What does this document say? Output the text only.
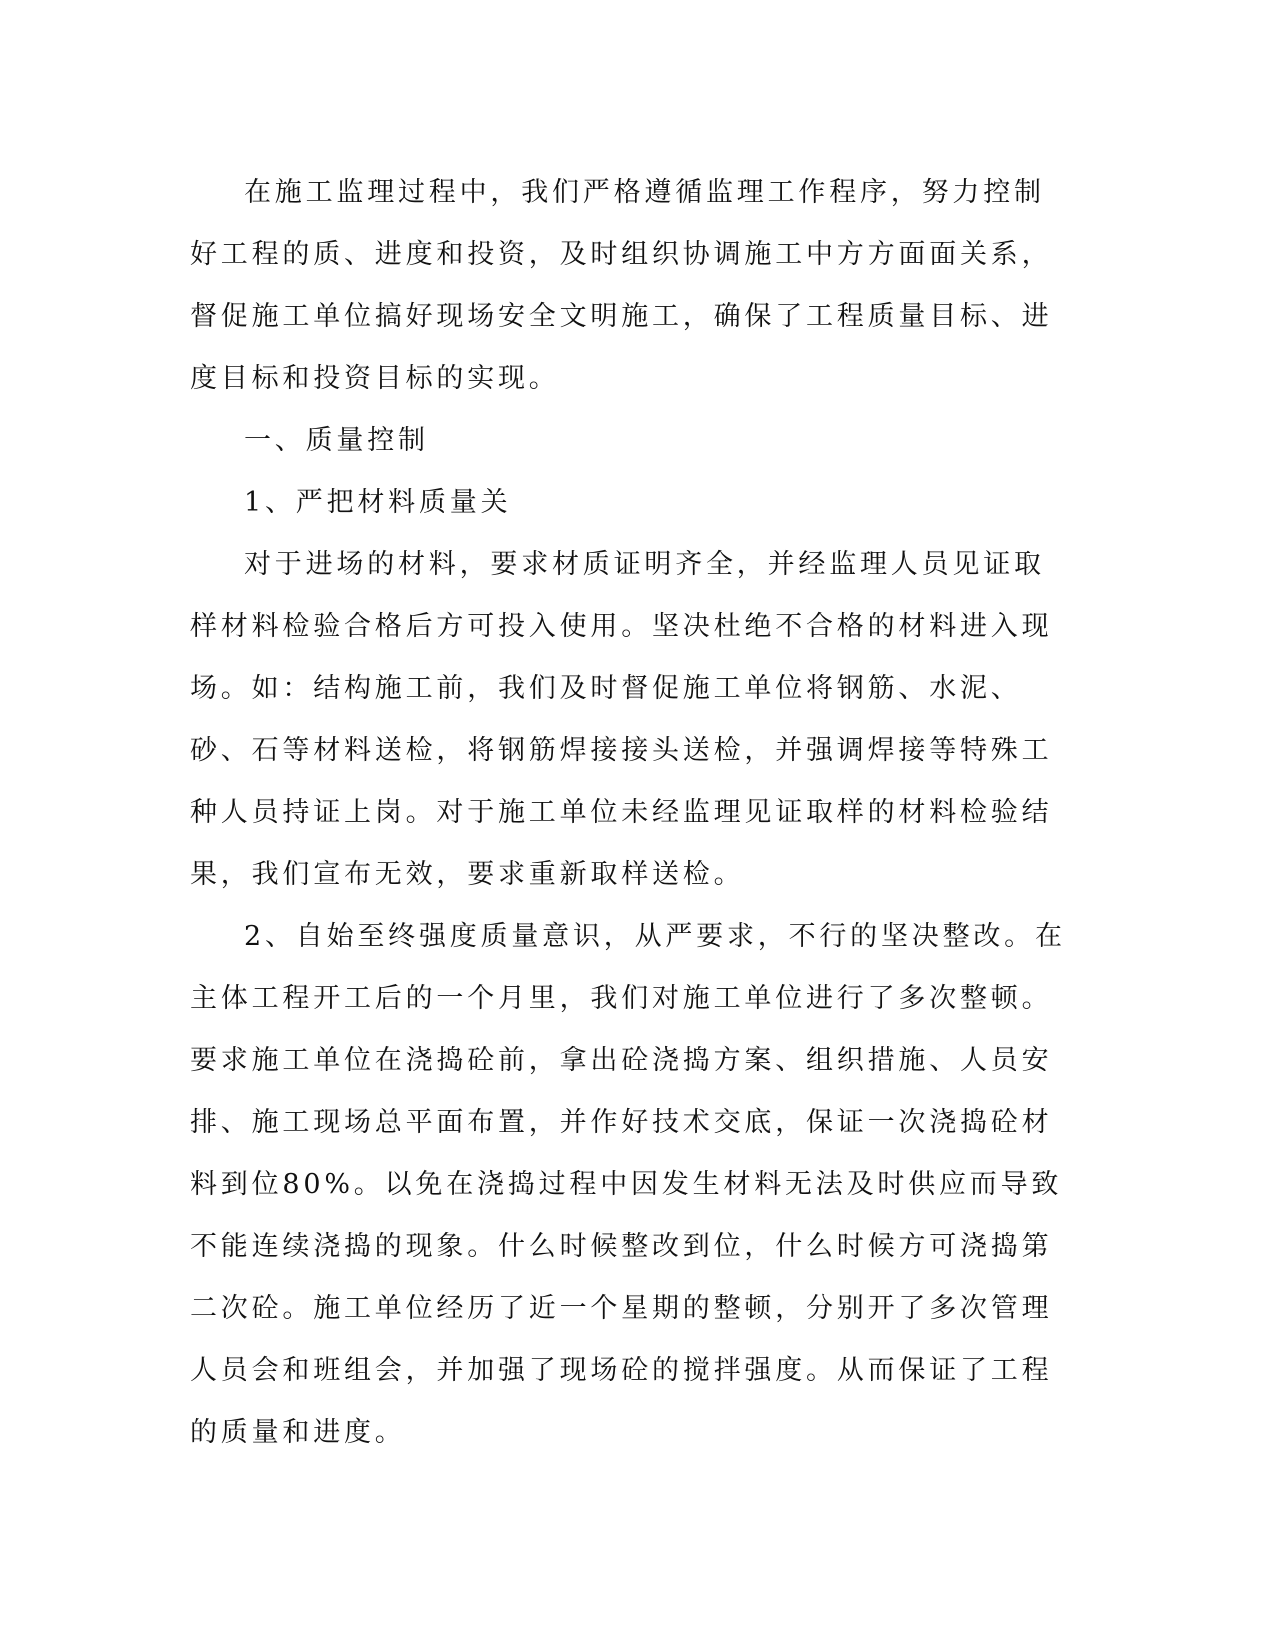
在施工监理过程中，我们严格遵循监理工作程序，努力控制好工程的质、进度和投资，及时组织协调施工中方方面面关系，督促施工单位搞好现场安全文明施工，确保了工程质量目标、进度目标和投资目标的实现。

一、质量控制

1、严把材料质量关

对于进场的材料，要求材质证明齐全，并经监理人员见证取样材料检验合格后方可投入使用。坚决杜绝不合格的材料进入现场。如：结构施工前，我们及时督促施工单位将钢筋、水泥、砂、石等材料送检，将钢筋焊接接头送检，并强调焊接等特殊工种人员持证上岗。对于施工单位未经监理见证取样的材料检验结果，我们宣布无效，要求重新取样送检。

2、自始至终强度质量意识，从严要求，不行的坚决整改。在主体工程开工后的一个月里，我们对施工单位进行了多次整顿。要求施工单位在浇捣砼前，拿出砼浇捣方案、组织措施、人员安排、施工现场总平面布置，并作好技术交底，保证一次浇捣砼材料到位80%。以免在浇捣过程中因发生材料无法及时供应而导致不能连续浇捣的现象。什么时候整改到位，什么时候方可浇捣第二次砼。施工单位经历了近一个星期的整顿，分别开了多次管理人员会和班组会，并加强了现场砼的搅拌强度。从而保证了工程的质量和进度。
